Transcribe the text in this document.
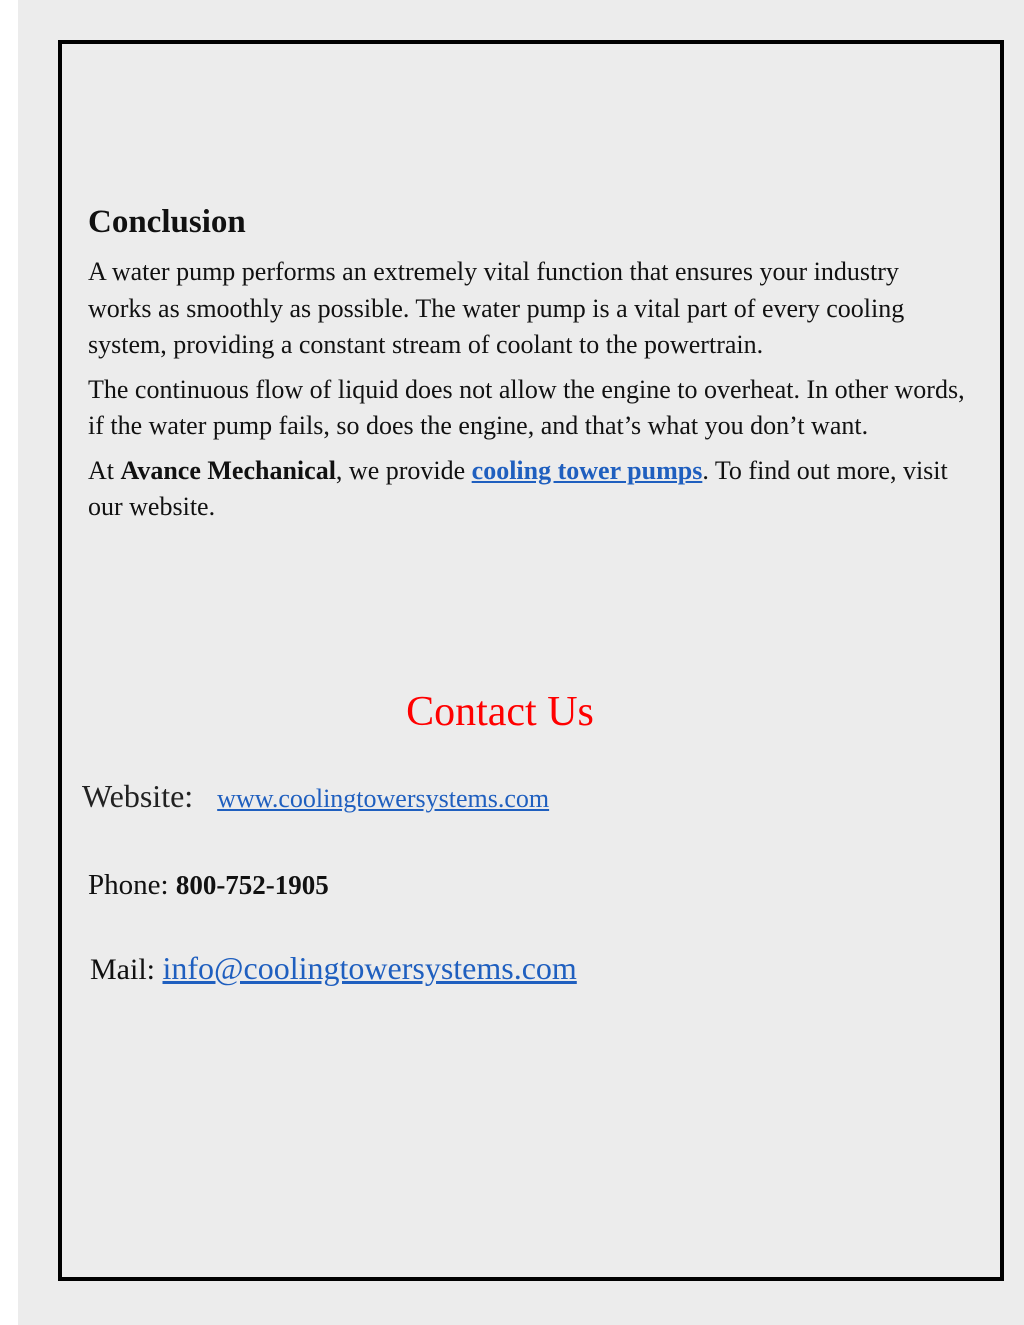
Conclusion

A water pump performs an extremely vital function that ensures your industry works as smoothly as possible. The water pump is a vital part of every cooling system, providing a constant stream of coolant to the powertrain.

The continuous flow of liquid does not allow the engine to overheat. In other words, if the water pump fails, so does the engine, and that’s what you don’t want.

At Avance Mechanical, we provide cooling tower pumps. To find out more, visit our website.

Contact Us
Website: www.coolingtowersystems.com
Phone: 800-752-1905
Mail: info@coolingtowersystems.com
